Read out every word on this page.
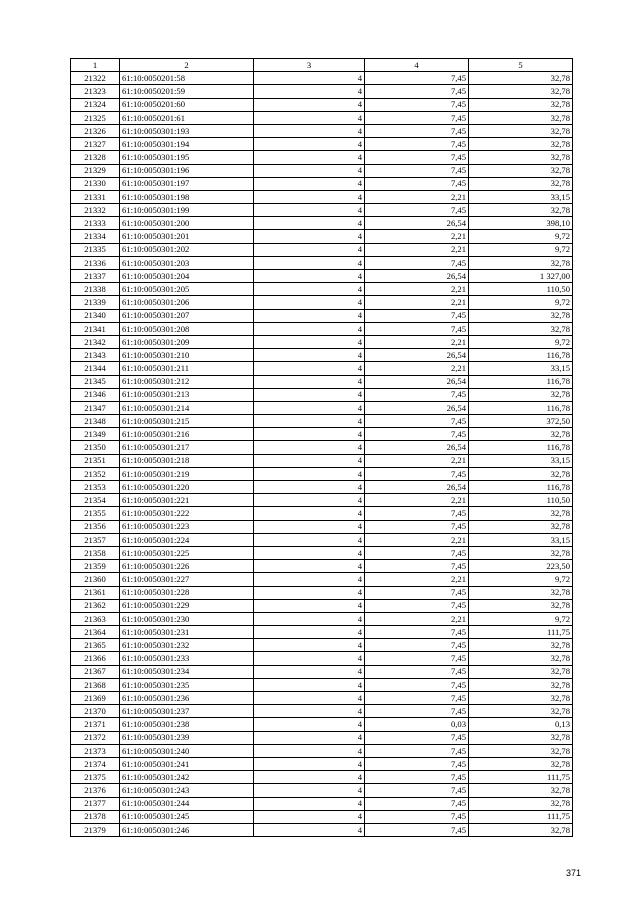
1	2	3	4	5
21322	61:10:0050201:58	4	7,45	32,78
21323	61:10:0050201:59	4	7,45	32,78
21324	61:10:0050201:60	4	7,45	32,78
21325	61:10:0050201:61	4	7,45	32,78
21326	61:10:0050301:193	4	7,45	32,78
21327	61:10:0050301:194	4	7,45	32,78
21328	61:10:0050301:195	4	7,45	32,78
21329	61:10:0050301:196	4	7,45	32,78
21330	61:10:0050301:197	4	7,45	32,78
21331	61:10:0050301:198	4	2,21	33,15
21332	61:10:0050301:199	4	7,45	32,78
21333	61:10:0050301:200	4	26,54	398,10
21334	61:10:0050301:201	4	2,21	9,72
21335	61:10:0050301:202	4	2,21	9,72
21336	61:10:0050301:203	4	7,45	32,78
21337	61:10:0050301:204	4	26,54	1 327,00
21338	61:10:0050301:205	4	2,21	110,50
21339	61:10:0050301:206	4	2,21	9,72
21340	61:10:0050301:207	4	7,45	32,78
21341	61:10:0050301:208	4	7,45	32,78
21342	61:10:0050301:209	4	2,21	9,72
21343	61:10:0050301:210	4	26,54	116,78
21344	61:10:0050301:211	4	2,21	33,15
21345	61:10:0050301:212	4	26,54	116,78
21346	61:10:0050301:213	4	7,45	32,78
21347	61:10:0050301:214	4	26,54	116,78
21348	61:10:0050301:215	4	7,45	372,50
21349	61:10:0050301:216	4	7,45	32,78
21350	61:10:0050301:217	4	26,54	116,78
21351	61:10:0050301:218	4	2,21	33,15
21352	61:10:0050301:219	4	7,45	32,78
21353	61:10:0050301:220	4	26,54	116,78
21354	61:10:0050301:221	4	2,21	110,50
21355	61:10:0050301:222	4	7,45	32,78
21356	61:10:0050301:223	4	7,45	32,78
21357	61:10:0050301:224	4	2,21	33,15
21358	61:10:0050301:225	4	7,45	32,78
21359	61:10:0050301:226	4	7,45	223,50
21360	61:10:0050301:227	4	2,21	9,72
21361	61:10:0050301:228	4	7,45	32,78
21362	61:10:0050301:229	4	7,45	32,78
21363	61:10:0050301:230	4	2,21	9,72
21364	61:10:0050301:231	4	7,45	111,75
21365	61:10:0050301:232	4	7,45	32,78
21366	61:10:0050301:233	4	7,45	32,78
21367	61:10:0050301:234	4	7,45	32,78
21368	61:10:0050301:235	4	7,45	32,78
21369	61:10:0050301:236	4	7,45	32,78
21370	61:10:0050301:237	4	7,45	32,78
21371	61:10:0050301:238	4	0,03	0,13
21372	61:10:0050301:239	4	7,45	32,78
21373	61:10:0050301:240	4	7,45	32,78
21374	61:10:0050301:241	4	7,45	32,78
21375	61:10:0050301:242	4	7,45	111,75
21376	61:10:0050301:243	4	7,45	32,78
21377	61:10:0050301:244	4	7,45	32,78
21378	61:10:0050301:245	4	7,45	111,75
21379	61:10:0050301:246	4	7,45	32,78
371
